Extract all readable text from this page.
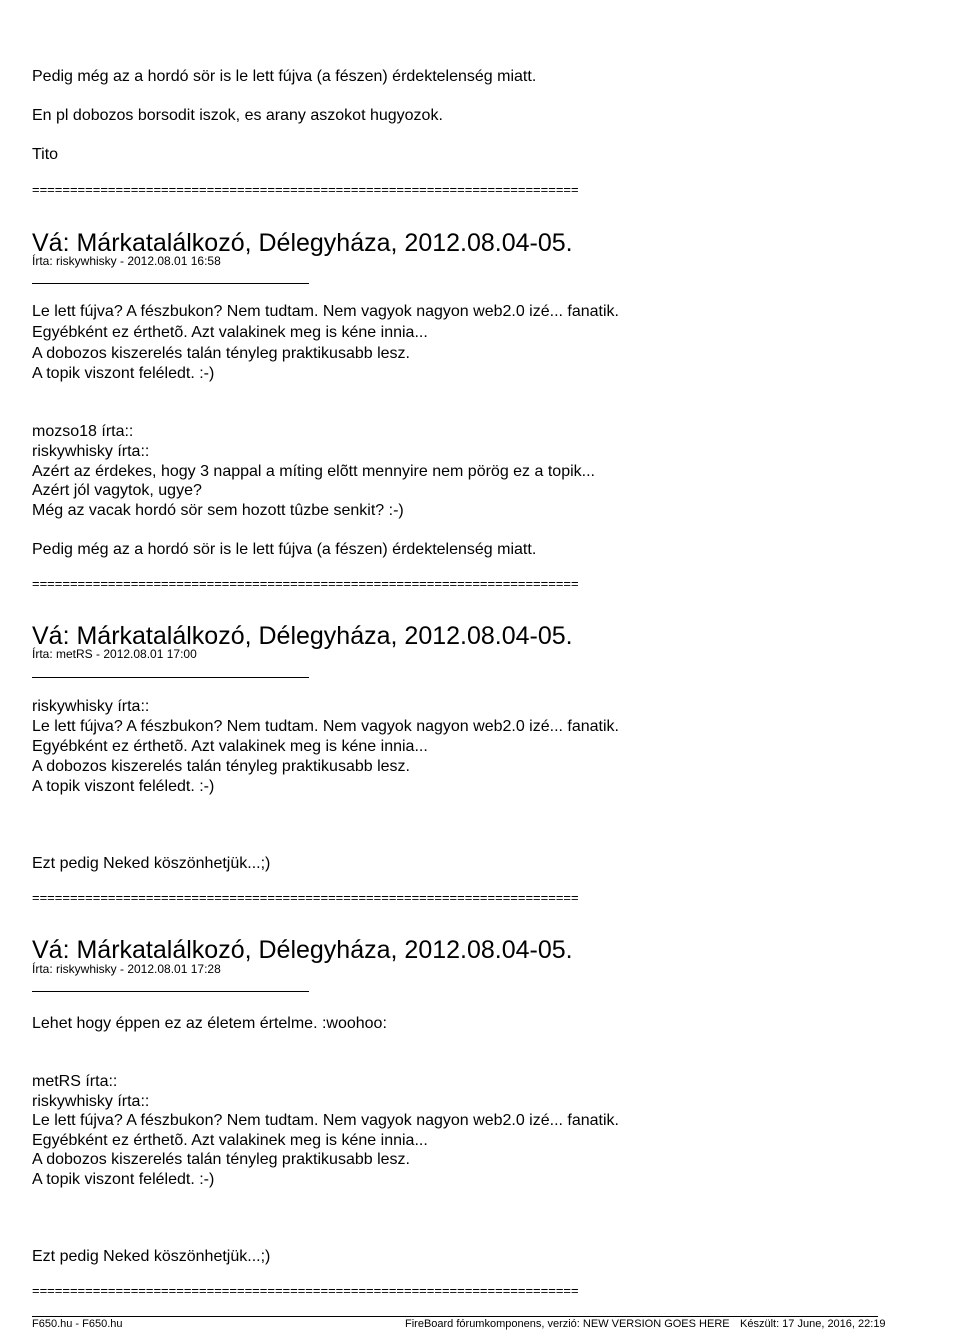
Pedig még az a hordó sör is le lett fújva (a fészen) érdektelenség miatt.
En pl dobozos borsodit iszok, es arany aszokot hugyozok.
Tito
========================================================================
Vá: Márkatalálkozó, Délegyháza, 2012.08.04-05.
Írta: riskywhisky - 2012.08.01 16:58
Le lett fújva? A fészbukon? Nem tudtam. Nem vagyok nagyon web2.0 izé... fanatik.
Egyébként ez érthetõ. Azt valakinek meg is kéne innia...
A dobozos kiszerelés talán tényleg praktikusabb lesz.
A topik viszont feléledt. :-)
mozso18 írta::
riskywhisky írta::
Azért az érdekes, hogy 3 nappal a míting elõtt mennyire nem pörög ez a topik...
Azért jól vagytok, ugye?
Még az vacak hordó sör sem hozott tûzbe senkit? :-)
Pedig még az a hordó sör is le lett fújva (a fészen) érdektelenség miatt.
========================================================================
Vá: Márkatalálkozó, Délegyháza, 2012.08.04-05.
Írta: metRS - 2012.08.01 17:00
riskywhisky írta::
Le lett fújva? A fészbukon? Nem tudtam. Nem vagyok nagyon web2.0 izé... fanatik.
Egyébként ez érthetõ. Azt valakinek meg is kéne innia...
A dobozos kiszerelés talán tényleg praktikusabb lesz.
A topik viszont feléledt. :-)
Ezt pedig Neked köszönhetjük...;)
========================================================================
Vá: Márkatalálkozó, Délegyháza, 2012.08.04-05.
Írta: riskywhisky - 2012.08.01 17:28
Lehet hogy éppen ez az életem értelme. :woohoo:
metRS írta::
riskywhisky írta::
Le lett fújva? A fészbukon? Nem tudtam. Nem vagyok nagyon web2.0 izé... fanatik.
Egyébként ez érthetõ. Azt valakinek meg is kéne innia...
A dobozos kiszerelés talán tényleg praktikusabb lesz.
A topik viszont feléledt. :-)
Ezt pedig Neked köszönhetjük...;)
========================================================================
F650.hu - F650.hu	FireBoard fórumkomponens, verzió: NEW VERSION GOES HERE Készült: 17 June, 2016, 22:19
